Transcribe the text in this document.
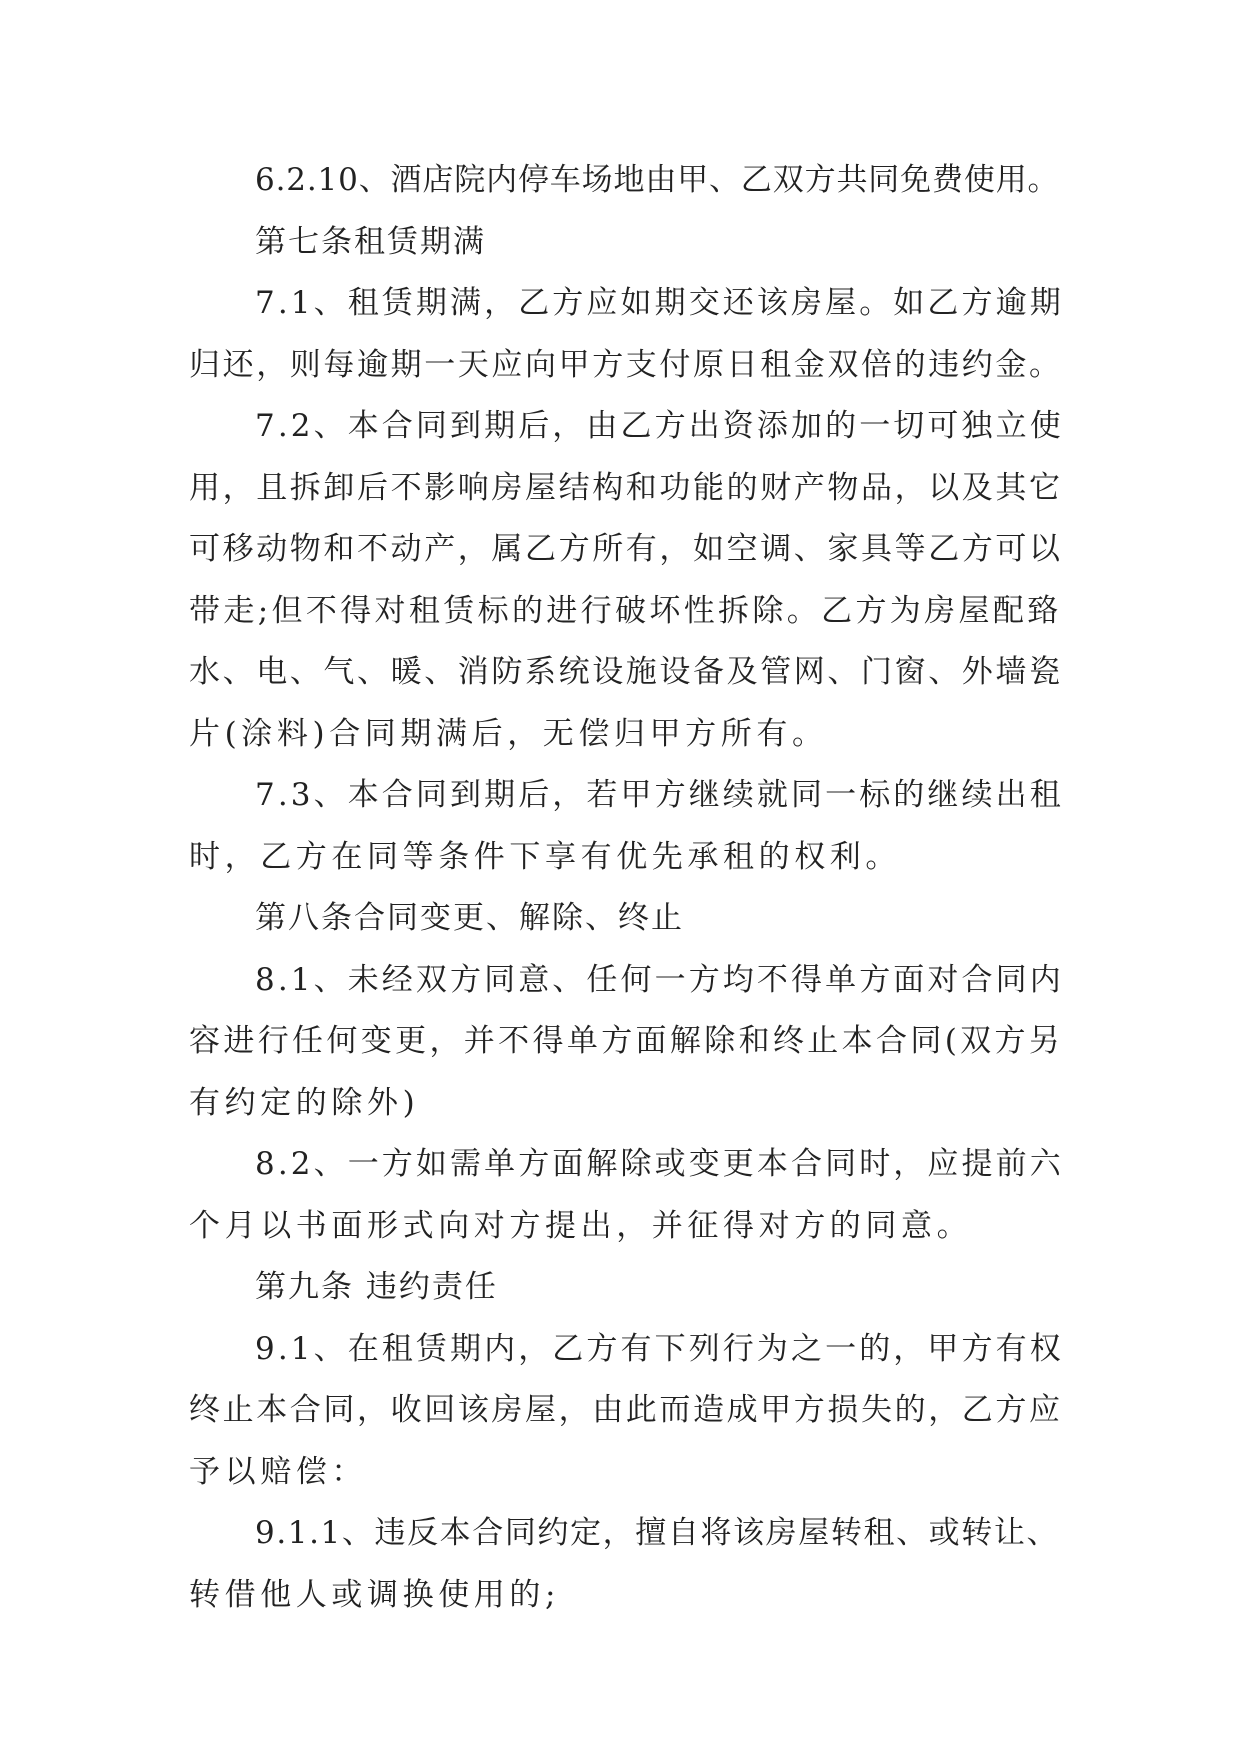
6.2.10、酒店院内停车场地由甲、乙双方共同免费使用。
第七条租赁期满
7.1、租赁期满，乙方应如期交还该房屋。如乙方逾期
归还，则每逾期一天应向甲方支付原日租金双倍的违约金。
7.2、本合同到期后，由乙方出资添加的一切可独立使
用，且拆卸后不影响房屋结构和功能的财产物品，以及其它
可移动物和不动产，属乙方所有，如空调、家具等乙方可以
带走;但不得对租赁标的进行破坏性拆除。乙方为房屋配臵
水、电、气、暖、消防系统设施设备及管网、门窗、外墙瓷
片(涂料)合同期满后，无偿归甲方所有。
7.3、本合同到期后，若甲方继续就同一标的继续出租
时，乙方在同等条件下享有优先承租的权利。
第八条合同变更、解除、终止
8.1、未经双方同意、任何一方均不得单方面对合同内
容进行任何变更，并不得单方面解除和终止本合同(双方另
有约定的除外)
8.2、一方如需单方面解除或变更本合同时，应提前六
个月以书面形式向对方提出，并征得对方的同意。
第九条 违约责任
9.1、在租赁期内，乙方有下列行为之一的，甲方有权
终止本合同，收回该房屋，由此而造成甲方损失的，乙方应
予以赔偿：
9.1.1、违反本合同约定，擅自将该房屋转租、或转让、
转借他人或调换使用的;
